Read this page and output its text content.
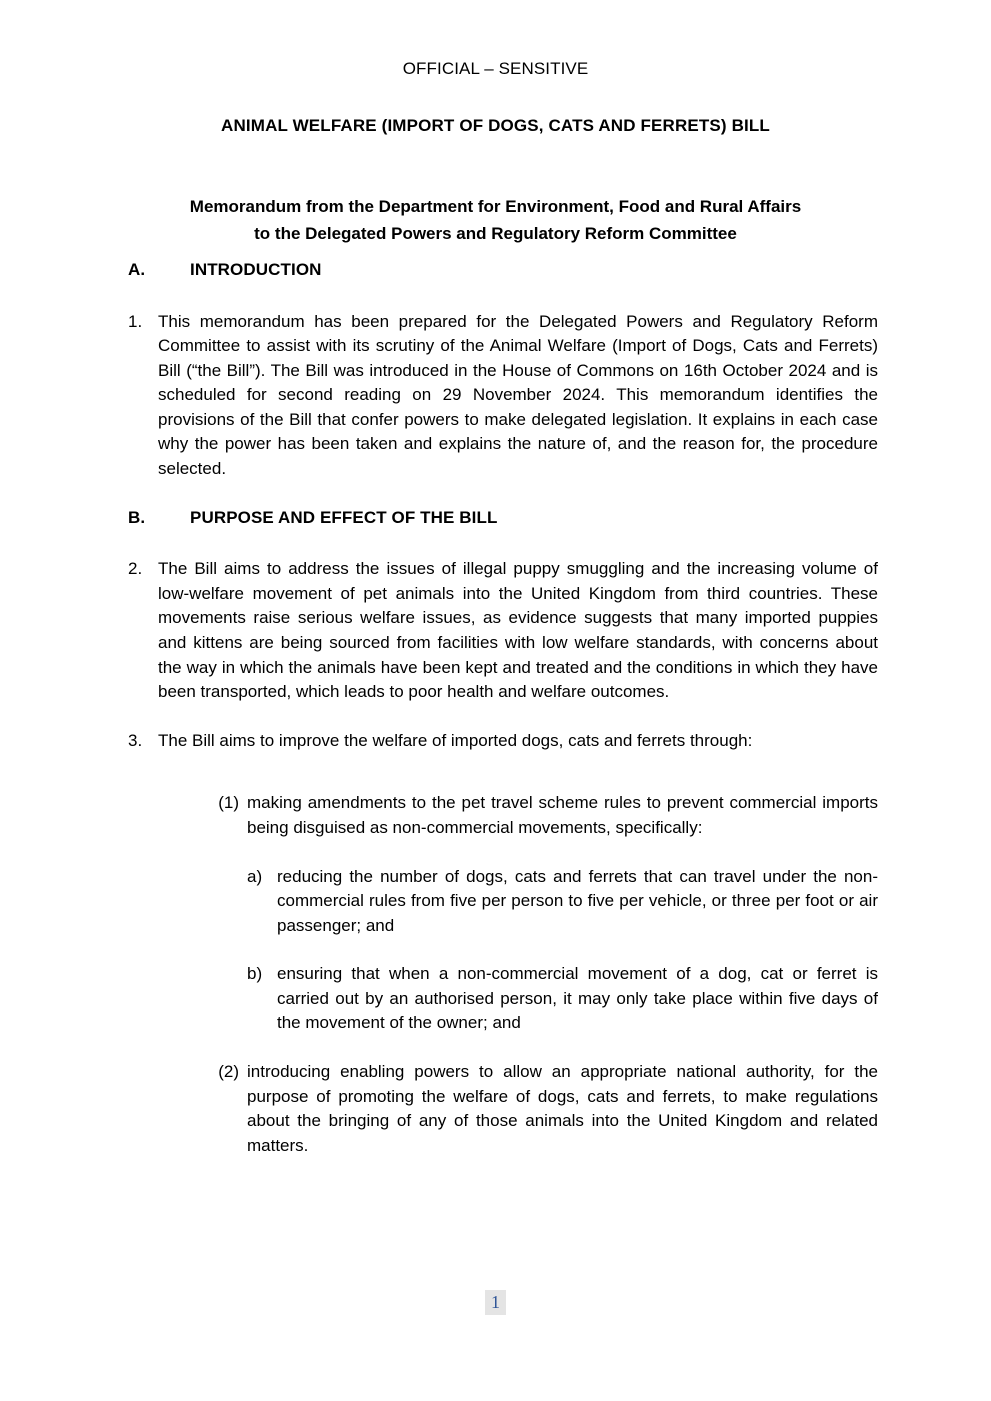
OFFICIAL – SENSITIVE
ANIMAL WELFARE (IMPORT OF DOGS, CATS AND FERRETS) BILL
Memorandum from the Department for Environment, Food and Rural Affairs
to the Delegated Powers and Regulatory Reform Committee
A.	INTRODUCTION
1. This memorandum has been prepared for the Delegated Powers and Regulatory Reform Committee to assist with its scrutiny of the Animal Welfare (Import of Dogs, Cats and Ferrets) Bill (“the Bill”). The Bill was introduced in the House of Commons on 16th October 2024 and is scheduled for second reading on 29 November 2024. This memorandum identifies the provisions of the Bill that confer powers to make delegated legislation. It explains in each case why the power has been taken and explains the nature of, and the reason for, the procedure selected.
B.	PURPOSE AND EFFECT OF THE BILL
2. The Bill aims to address the issues of illegal puppy smuggling and the increasing volume of low-welfare movement of pet animals into the United Kingdom from third countries. These movements raise serious welfare issues, as evidence suggests that many imported puppies and kittens are being sourced from facilities with low welfare standards, with concerns about the way in which the animals have been kept and treated and the conditions in which they have been transported, which leads to poor health and welfare outcomes.
3. The Bill aims to improve the welfare of imported dogs, cats and ferrets through:
(1) making amendments to the pet travel scheme rules to prevent commercial imports being disguised as non-commercial movements, specifically:
a) reducing the number of dogs, cats and ferrets that can travel under the non-commercial rules from five per person to five per vehicle, or three per foot or air passenger; and
b) ensuring that when a non-commercial movement of a dog, cat or ferret is carried out by an authorised person, it may only take place within five days of the movement of the owner; and
(2) introducing enabling powers to allow an appropriate national authority, for the purpose of promoting the welfare of dogs, cats and ferrets, to make regulations about the bringing of any of those animals into the United Kingdom and related matters.
1
